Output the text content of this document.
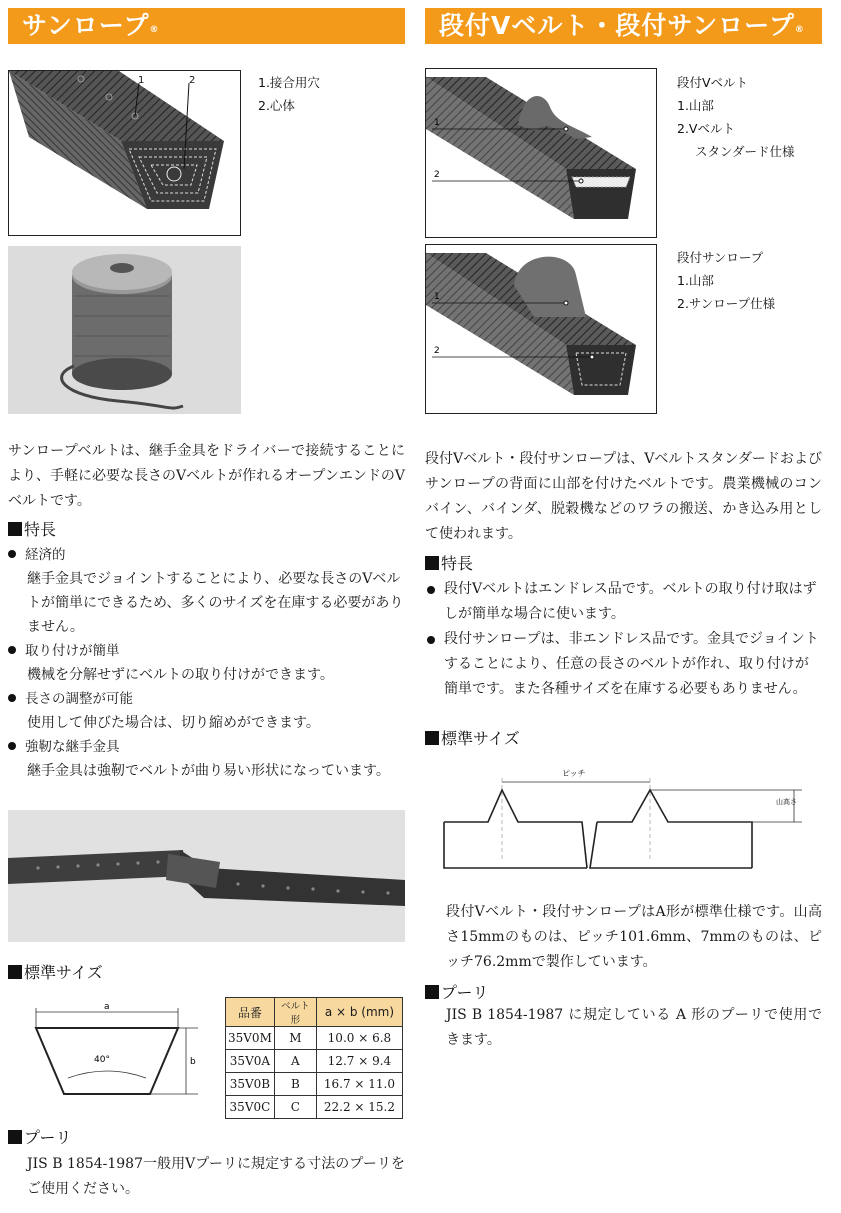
サンロープ®
1	2	1.接合用穴
2.心体
サンロープベルトは、継手金具をドライバーで接続することにより、手軽に必要な長さのVベルトが作れるオープンエンドのVベルトです。
特長
経済的
継手金具でジョイントすることにより、必要な長さのVベルトが簡単にできるため、多くのサイズを在庫する必要がありません。
取り付けが簡単
機械を分解せずにベルトの取り付けができます。
長さの調整が可能
使用して伸びた場合は、切り縮めができます。
強靭な継手金具
継手金具は強靭でベルトが曲り易い形状になっています。
標準サイズ
a
b
40°
品番	ベルト形	a × b (mm)
35V0M	M	10.0 × 6.8
35V0A	A	12.7 × 9.4
35V0B	B	16.7 × 11.0
35V0C	C	22.2 × 15.2
プーリ
JIS B 1854-1987一般用Vプーリに規定する寸法のプーリをご使用ください。
段付Vベルト・段付サンロープ®
1
2
段付Vベルト
1.山部
2.Vベルト
スタンダード仕様
1
2
段付サンロープ
1.山部
2.サンロープ仕様
段付Vベルト・段付サンロープは、Vベルトスタンダードおよびサンロープの背面に山部を付けたベルトです。農業機械のコンバイン、バインダ、脱穀機などのワラの搬送、かき込み用として使われます。
特長
段付Vベルトはエンドレス品です。ベルトの取り付け取はずしが簡単な場合に使います。
段付サンロープは、非エンドレス品です。金具でジョイントすることにより、任意の長さのベルトが作れ、取り付けが簡単です。また各種サイズを在庫する必要もありません。
標準サイズ
ピッチ
山高さ
段付Vベルト・段付サンロープはA形が標準仕様です。山高さ15mmのものは、ピッチ101.6mm、7mmのものは、ピッチ76.2mmで製作しています。
プーリ
JIS B 1854-1987 に規定している A 形のプーリで使用できます。
